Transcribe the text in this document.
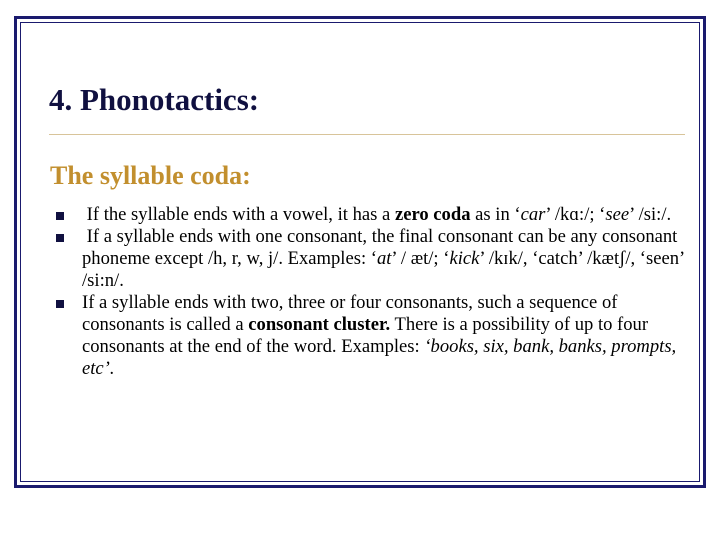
4. Phonotactics:
The syllable coda:
If the syllable ends with a vowel, it has a zero coda as in ‘car’ /kɑ:/; ‘see’ /si:/.
If a syllable ends with one consonant, the final consonant can be any consonant phoneme except /h, r, w, j/. Examples: ‘at’ / æt/; ‘kick’ /kɪk/, ‘catch’ /kætʃ/, ‘seen’ /si:n/.
If a syllable ends with two, three or four consonants, such a sequence of consonants is called a consonant cluster. There is a possibility of up to four consonants at the end of the word. Examples: ‘books, six, bank, banks, prompts, etc’.
